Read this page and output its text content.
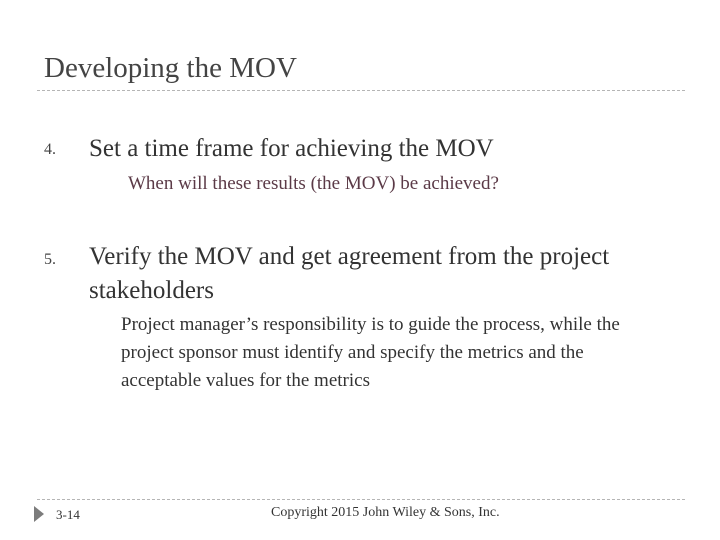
Developing the MOV
4. Set a time frame for achieving the MOV
When will these results (the MOV) be achieved?
5. Verify the MOV and get agreement from the project stakeholders
Project manager’s responsibility is to guide the process, while the project sponsor must identify and specify the metrics and the acceptable values for the metrics
3-14	Copyright 2015 John Wiley & Sons, Inc.
